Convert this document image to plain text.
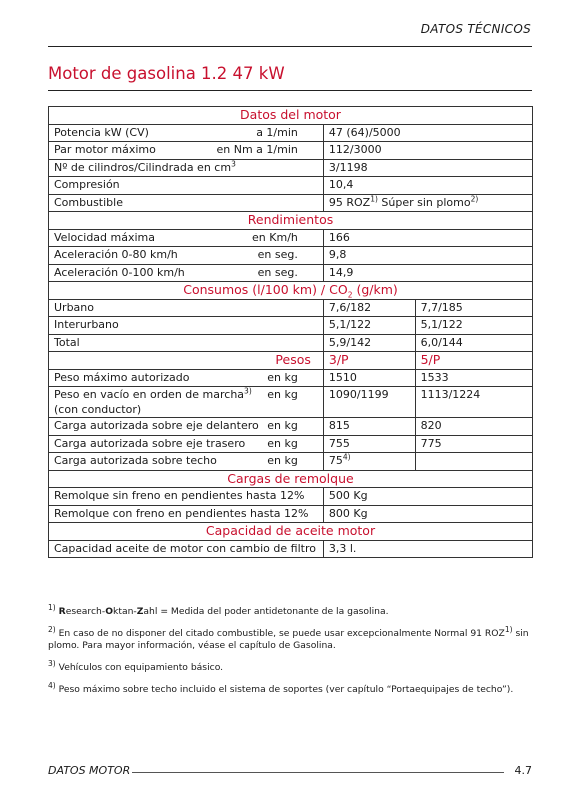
DATOS TÉCNICOS
Motor de gasolina 1.2 47 kW
Datos del motor		

Potencia kW (CV) a 1/min	47 (64)/5000	

Par motor máximo en Nm a 1/min	112/3000	
Nº de cilindros/Cilindrada en $cm^3$	3/1198	
Compresión	10,4	
Combustible	95 ROZ$^{1)}$ Súper sin plomo$^{2)}$
Rendimientos		

Velocidad máxima en Km/h	166	

Aceleración 0-80 km/h en seg.	9,8	

Aceleración 0-100 km/h en seg.	14,9	
Consumos (l/100 $km) / CO_2$ (g/km)		
Urbano	7,6/182	7,7/185
Interurbano	5,1/122	5,1/122
Total	5,9/142	6,0/144
Pesos	3/P	5/P

Peso máximo autorizado en kg	1510	1533

Peso en vacío en orden de marcha$^{3)}$
(con conductor)
en kg	1090/1199	1113/1224

Carga autorizada sobre eje delantero en kg	815	820

Carga autorizada sobre eje trasero en kg	755	775

Carga autorizada sobre techo en kg	75$^{4)}$	
Cargas de remolque		
Remolque sin freno en pendientes hasta 12%	500 Kg	
Remolque con freno en pendientes hasta 12%	800 Kg	
Capacidad de aceite motor		
Capacidad aceite de motor con cambio de filtro	3,3 l.	
$^{1)}$ Research-Oktan-Zahl = Medida del poder antidetonante de la gasolina.
$^{2)}$ En caso de no disponer del citado combustible, se puede usar excepcionalmente Normal 91 ROZ$^{1)}$ sin plomo. Para mayor información, véase el capítulo de Gasolina.
$^{3)}$ Vehículos con equipamiento básico.
$^{4)}$ Peso máximo sobre techo incluido el sistema de soportes (ver capítulo “Portaequipajes de techo”).
DATOS MOTOR	4.7
